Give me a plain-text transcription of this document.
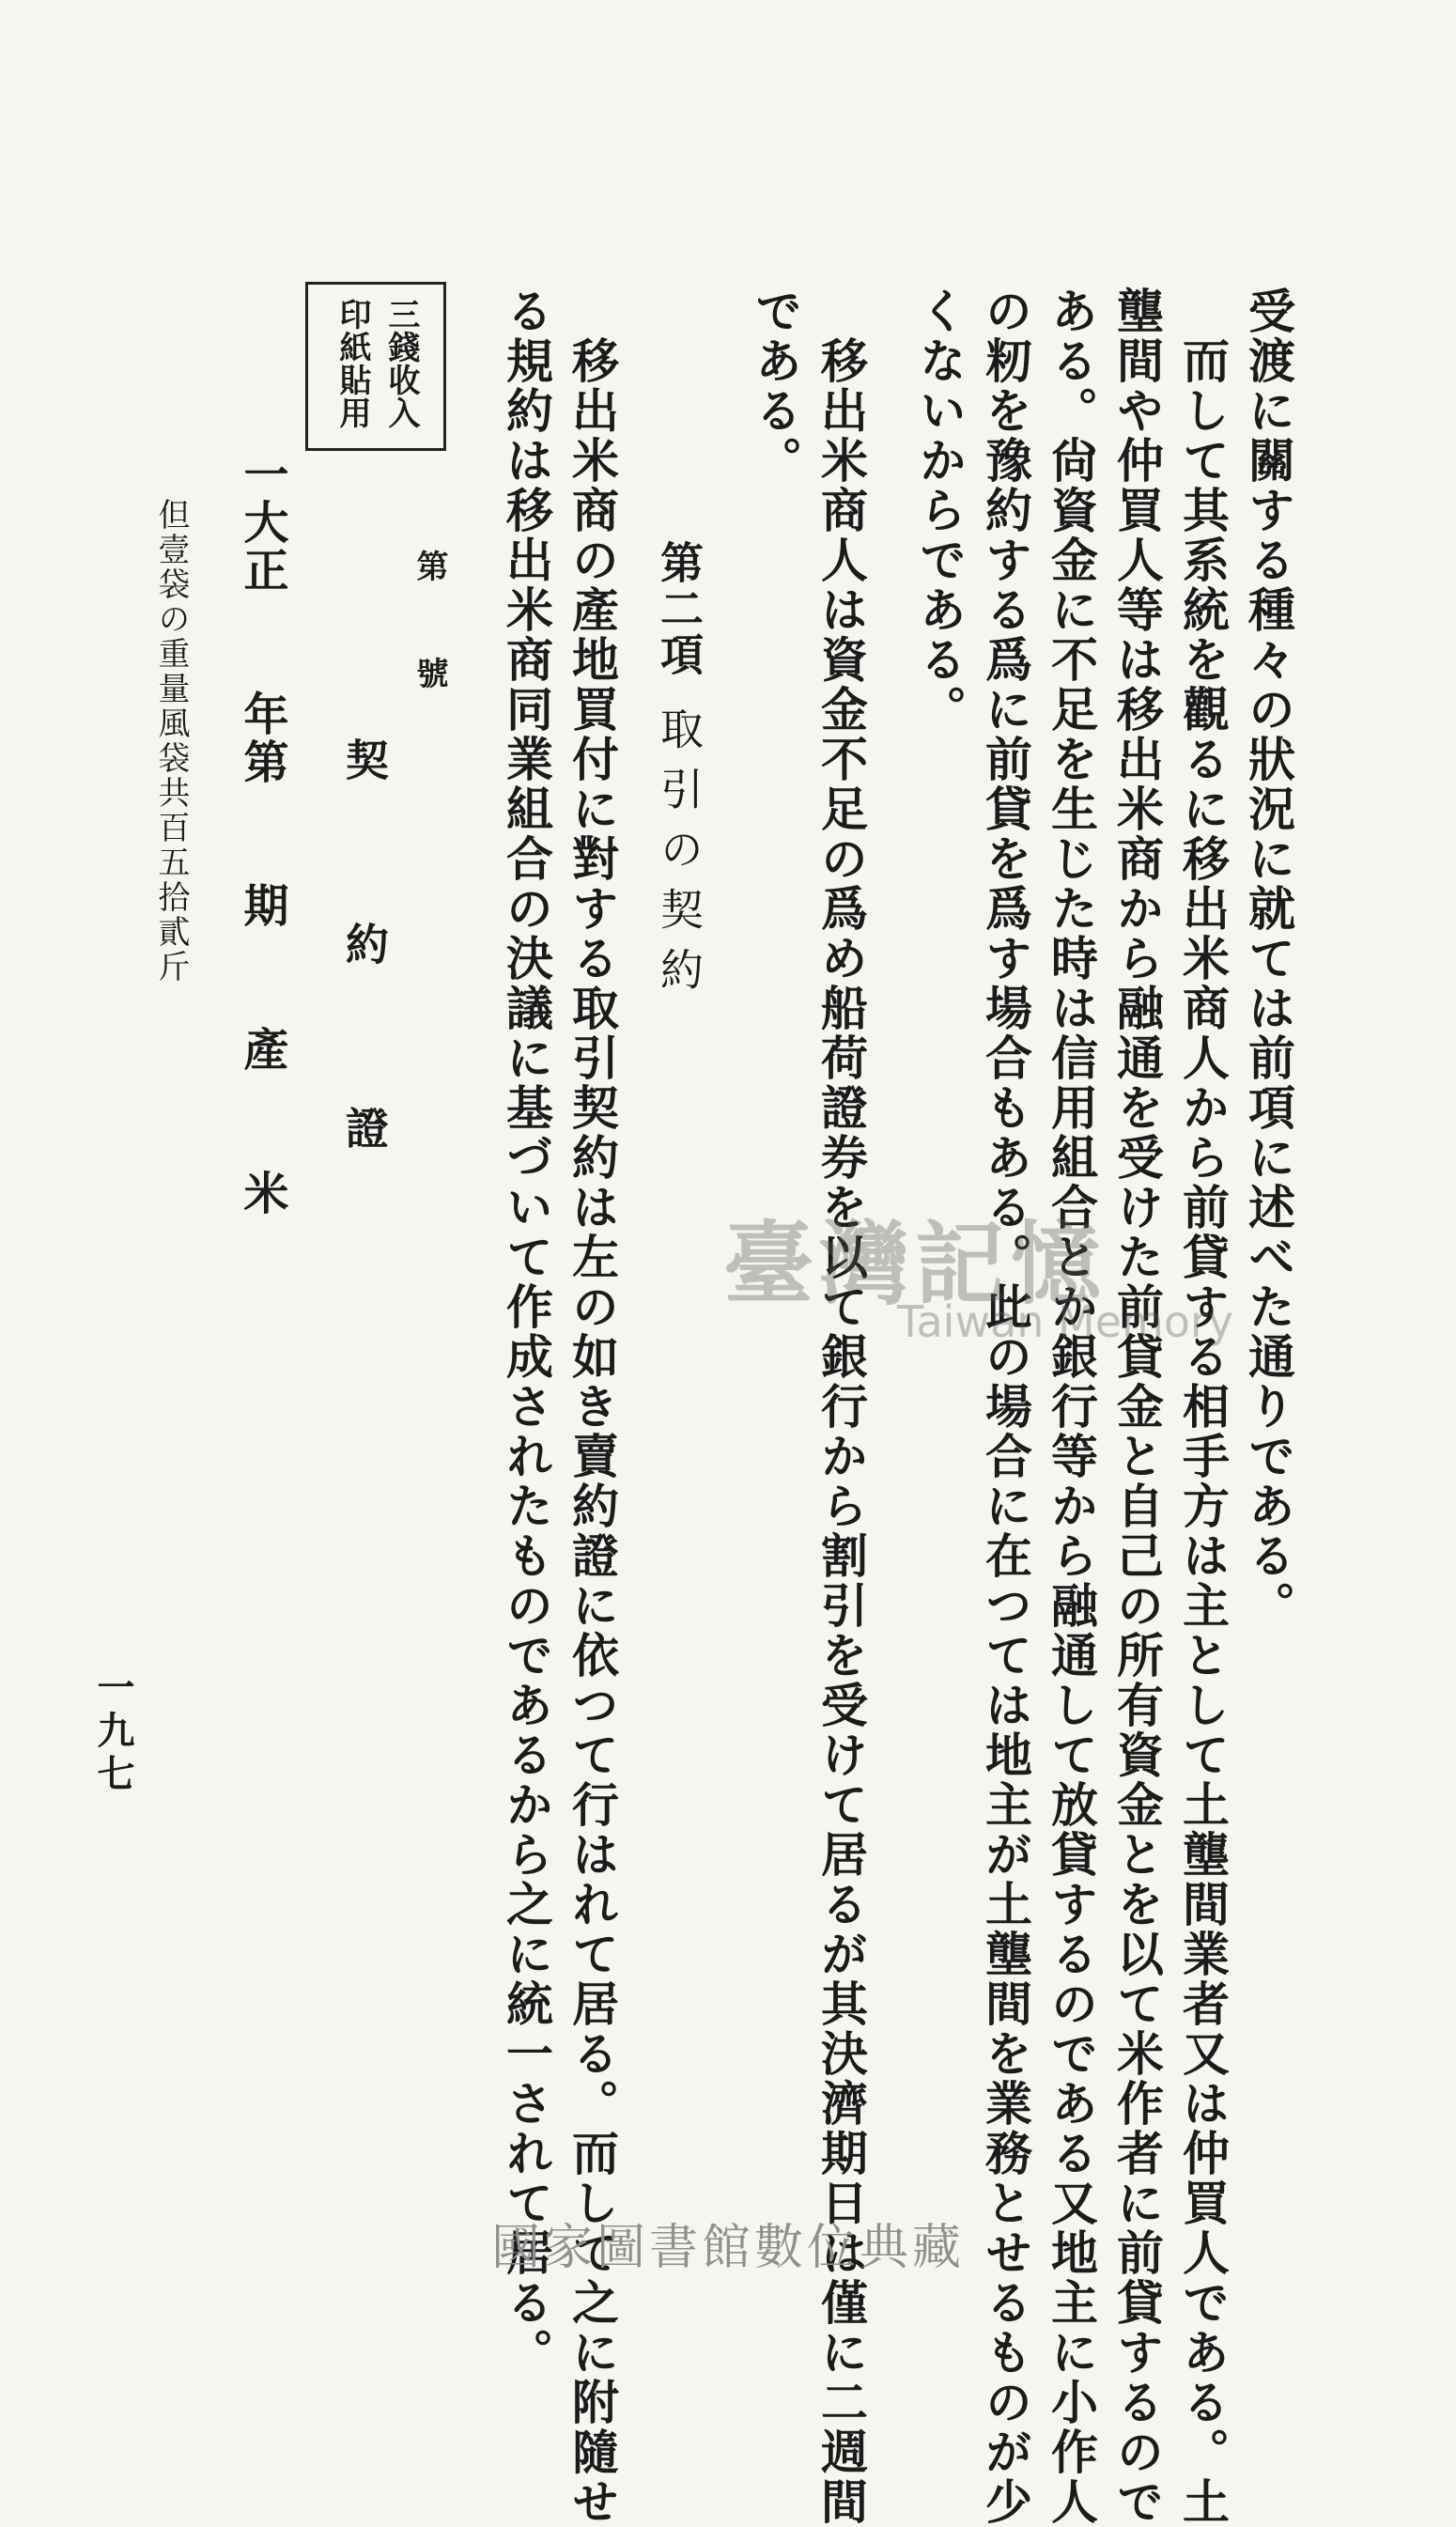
受渡に關する種々の狀況に就ては前項に述べた通りである。
　而して其系統を觀るに移出米商人から前貸する相手方は主として土壟間業者又は仲買人である。土
壟間や仲買人等は移出米商から融通を受けた前貸金と自己の所有資金とを以て米作者に前貸するので
ある。尙資金に不足を生じた時は信用組合とか銀行等から融通して放貸するのである又地主に小作人
の籾を豫約する爲に前貸を爲す場合もある。此の場合に在つては地主が土壟間を業務とせるものが少
くないからである。
　移出米商人は資金不足の爲め船荷證券を以て銀行から割引を受けて居るが其決濟期日は僅に二週間
である。
第二項取引の契約
　移出米商の產地買付に對する取引契約は左の如き賣約證に依つて行はれて居る。而して之に附隨せ
る規約は移出米商同業組合の決議に基づいて作成されたものであるから之に統一されて居る。
三錢收入
印紙貼用
第　　號
契約證
一大正　　年第　　期　　產　　米
但壹袋の重量風袋共百五拾貳斤
一九七
臺灣記憶
Taiwan Memory
國家圖書館數位典藏
